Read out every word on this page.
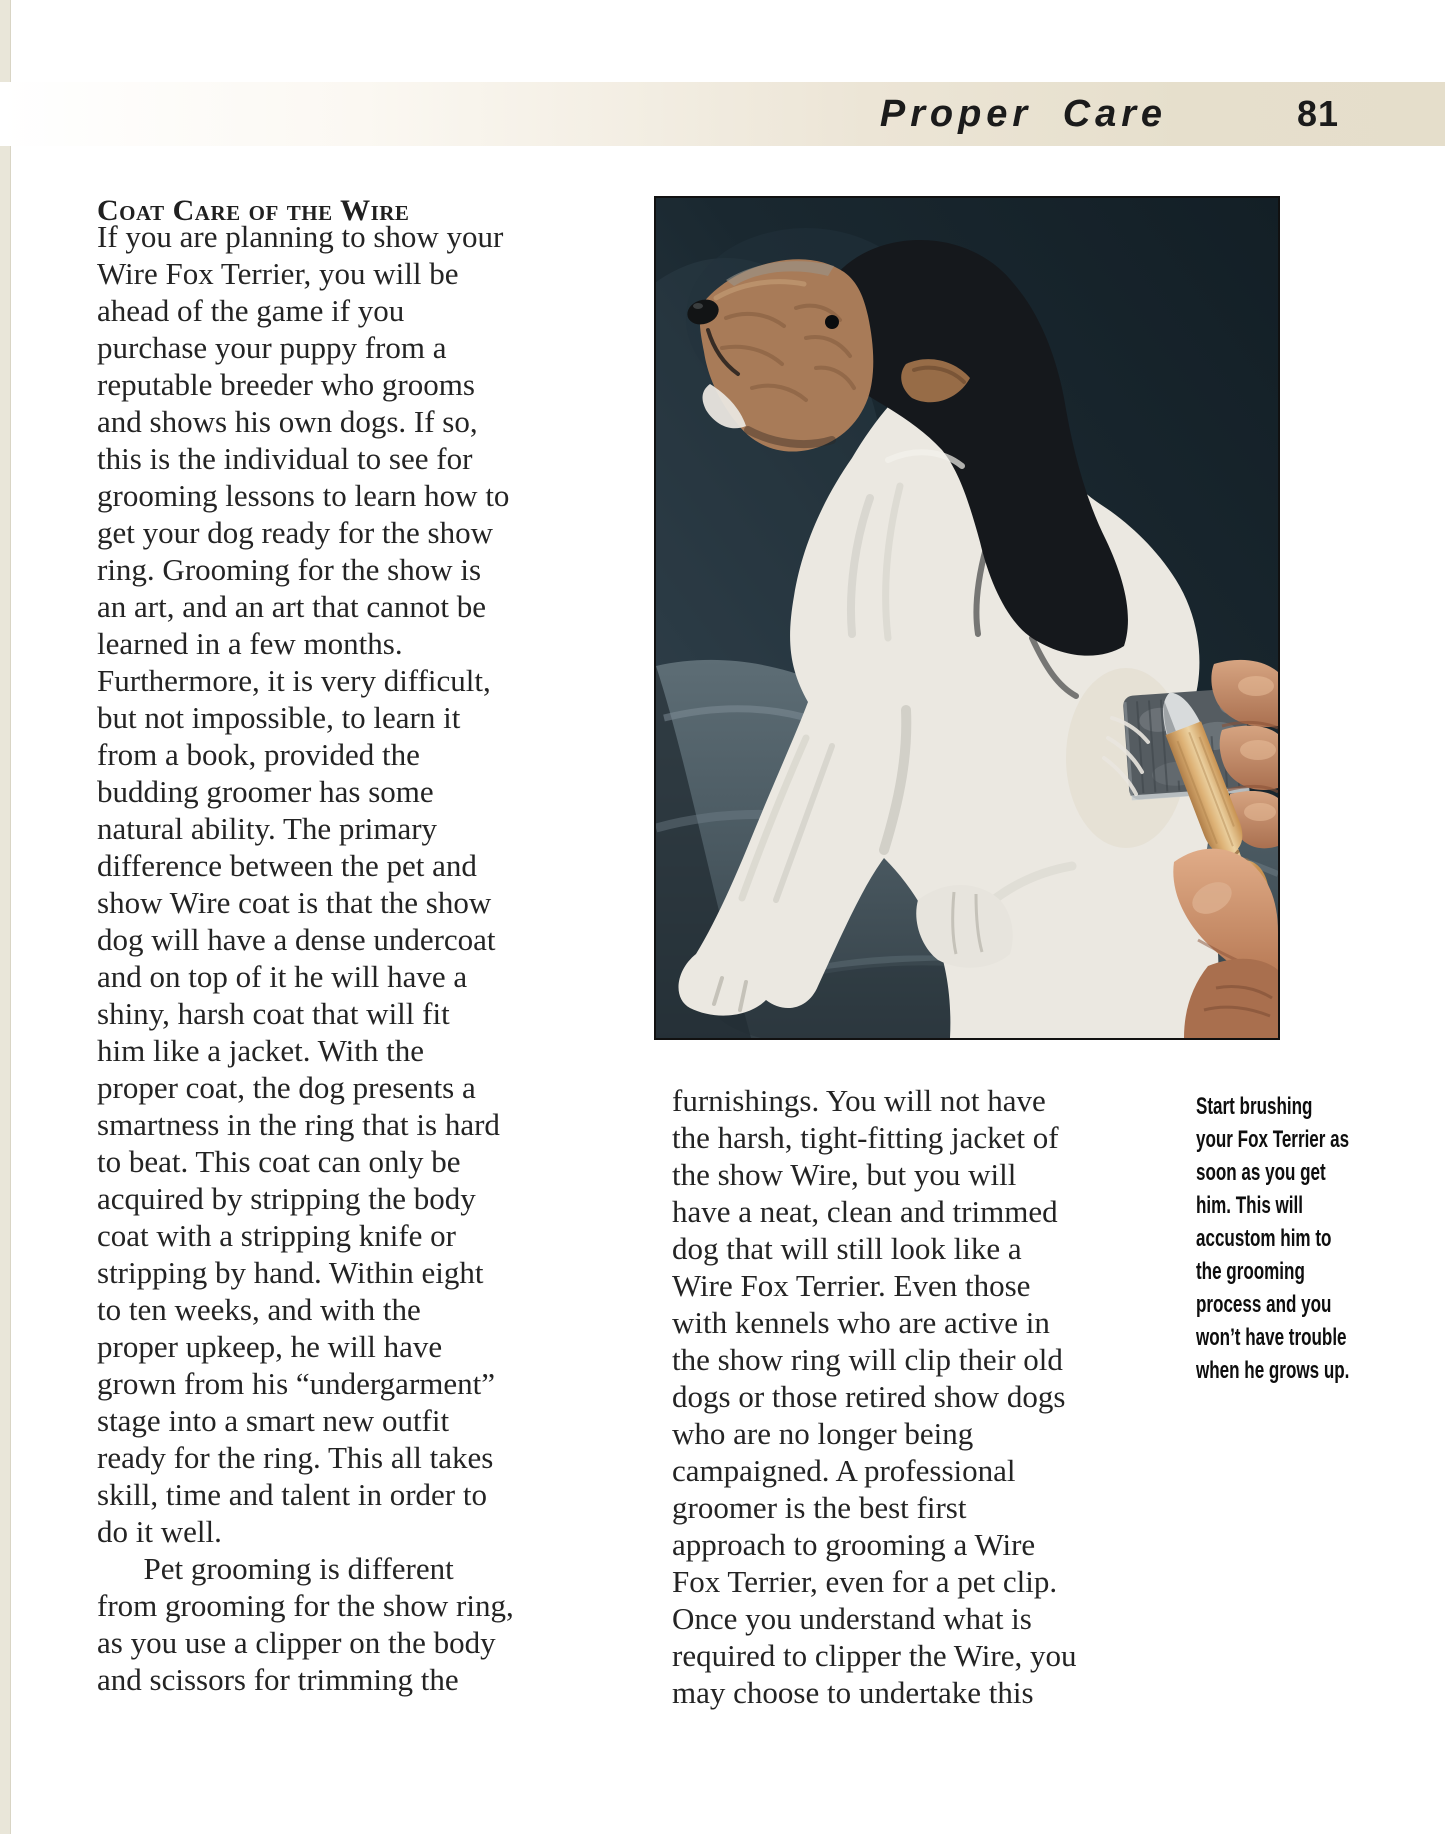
Proper Care	81
Coat Care of the Wire
If you are planning to show your
Wire Fox Terrier, you will be
ahead of the game if you
purchase your puppy from a
reputable breeder who grooms
and shows his own dogs. If so,
this is the individual to see for
grooming lessons to learn how to
get your dog ready for the show
ring. Grooming for the show is
an art, and an art that cannot be
learned in a few months.
Furthermore, it is very difficult,
but not impossible, to learn it
from a book, provided the
budding groomer has some
natural ability. The primary
difference between the pet and
show Wire coat is that the show
dog will have a dense undercoat
and on top of it he will have a
shiny, harsh coat that will fit
him like a jacket. With the
proper coat, the dog presents a
smartness in the ring that is hard
to beat. This coat can only be
acquired by stripping the body
coat with a stripping knife or
stripping by hand. Within eight
to ten weeks, and with the
proper upkeep, he will have
grown from his “undergarment”
stage into a smart new outfit
ready for the ring. This all takes
skill, time and talent in order to
do it well.
  Pet grooming is different
from grooming for the show ring,
as you use a clipper on the body
and scissors for trimming the
furnishings. You will not have
the harsh, tight-fitting jacket of
the show Wire, but you will
have a neat, clean and trimmed
dog that will still look like a
Wire Fox Terrier. Even those
with kennels who are active in
the show ring will clip their old
dogs or those retired show dogs
who are no longer being
campaigned. A professional
groomer is the best first
approach to grooming a Wire
Fox Terrier, even for a pet clip.
Once you understand what is
required to clipper the Wire, you
may choose to undertake this
Start brushing
your Fox Terrier as
soon as you get
him. This will
accustom him to
the grooming
process and you
won’t have trouble
when he grows up.
